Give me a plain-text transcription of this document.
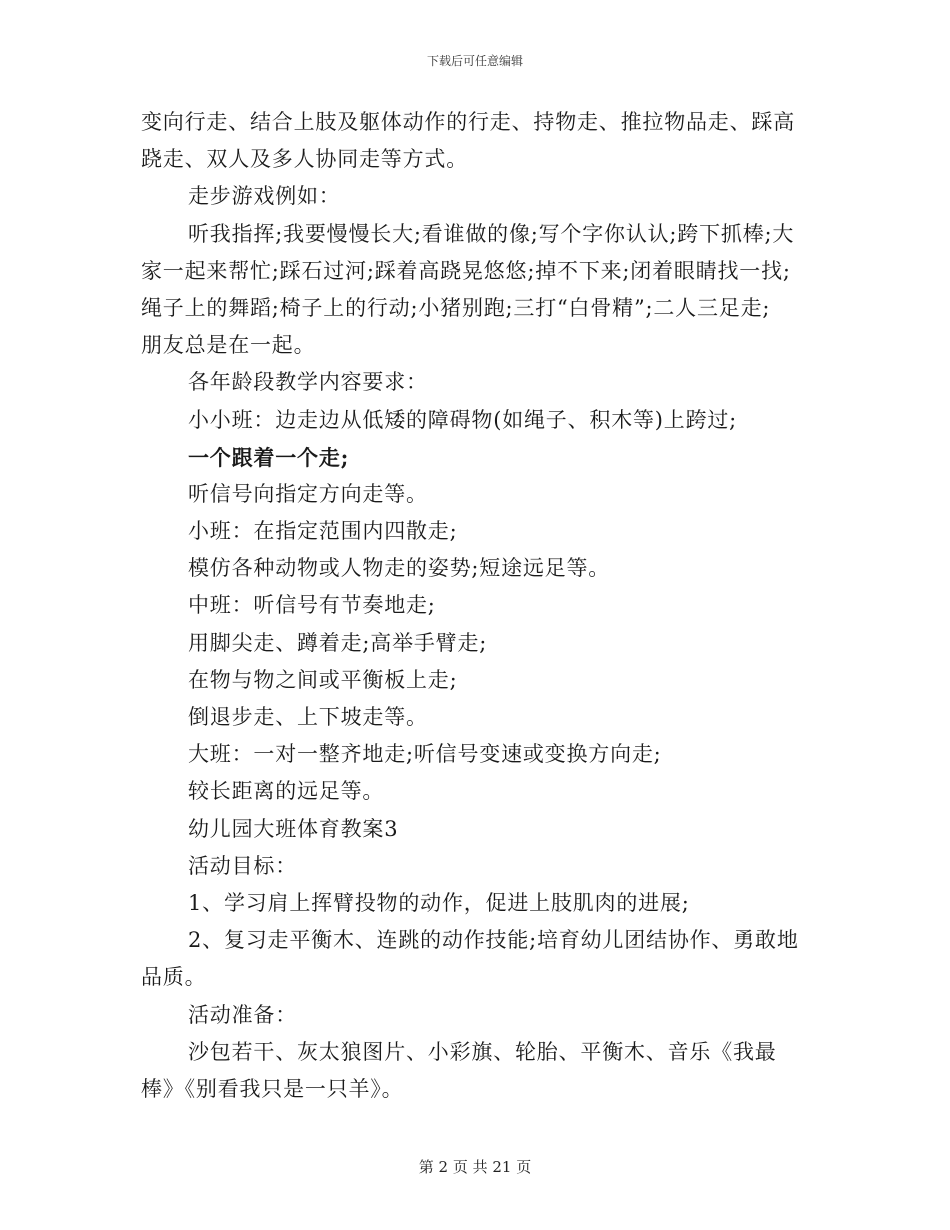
下载后可任意编辑
变向行走、结合上肢及躯体动作的行走、持物走、推拉物品走、踩高
跷走、双人及多人协同走等方式。
走步游戏例如：
听我指挥;我要慢慢长大;看谁做的像;写个字你认认;跨下抓棒;大
家一起来帮忙;踩石过河;踩着高跷晃悠悠;掉不下来;闭着眼睛找一找;
绳子上的舞蹈;椅子上的行动;小猪别跑;三打“白骨精”;二人三足走;
朋友总是在一起。
各年龄段教学内容要求：
小小班：边走边从低矮的障碍物(如绳子、积木等)上跨过;
一个跟着一个走;
听信号向指定方向走等。
小班：在指定范围内四散走;
模仿各种动物或人物走的姿势;短途远足等。
中班：听信号有节奏地走;
用脚尖走、蹲着走;高举手臂走;
在物与物之间或平衡板上走;
倒退步走、上下坡走等。
大班：一对一整齐地走;听信号变速或变换方向走;
较长距离的远足等。
幼儿园大班体育教案3
活动目标：
1、学习肩上挥臂投物的动作，促进上肢肌肉的进展;
2、复习走平衡木、连跳的动作技能;培育幼儿团结协作、勇敢地
品质。
活动准备：
沙包若干、灰太狼图片、小彩旗、轮胎、平衡木、音乐《我最
棒》《别看我只是一只羊》。
第 2 页 共 21 页
